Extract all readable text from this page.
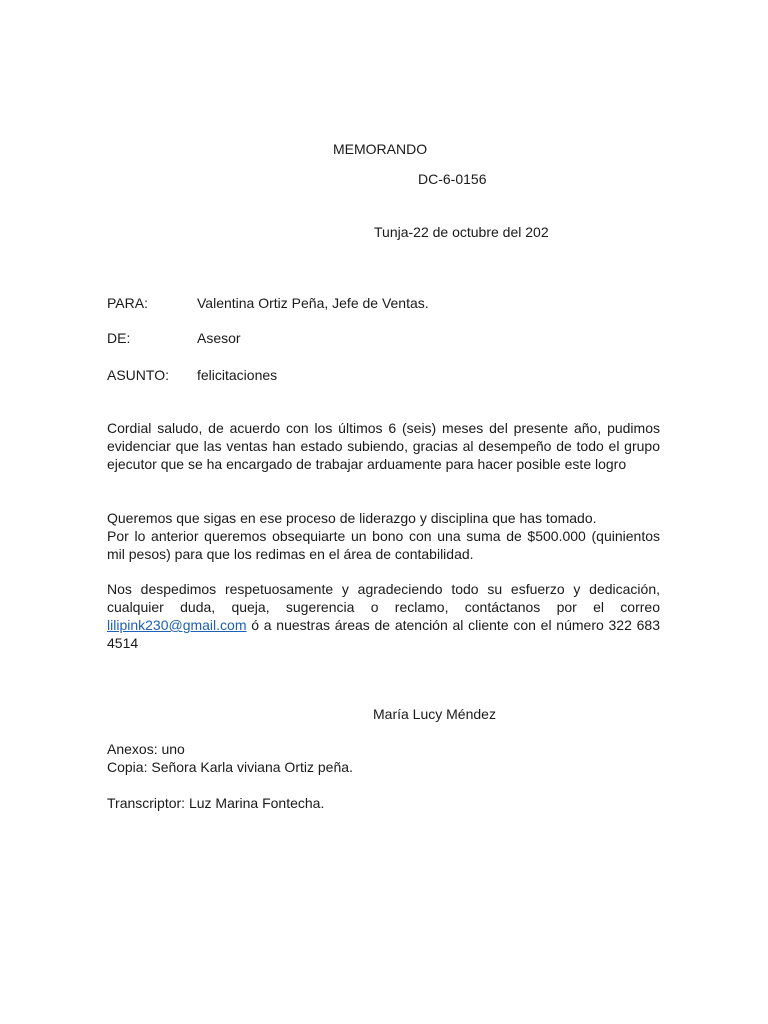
MEMORANDO
DC-6-0156
Tunja-22 de octubre del 202
PARA:	Valentina Ortiz Peña, Jefe de Ventas.
DE:	Asesor
ASUNTO: felicitaciones
Cordial saludo, de acuerdo con los últimos 6 (seis) meses del presente año, pudimos evidenciar que las ventas han estado subiendo, gracias al desempeño de todo el grupo ejecutor que se ha encargado de trabajar arduamente para hacer posible este logro
Queremos que sigas en ese proceso de liderazgo y disciplina que has tomado.
Por lo anterior queremos obsequiarte un bono con una suma de $500.000 (quinientos mil pesos) para que los redimas en el área de contabilidad.
Nos despedimos respetuosamente y agradeciendo todo su esfuerzo y dedicación, cualquier duda, queja, sugerencia o reclamo, contáctanos por el correo lilipink230@gmail.com ó a nuestras áreas de atención al cliente con el número 322 683 4514
María Lucy Méndez
Anexos: uno
Copia: Señora Karla viviana Ortiz peña.
Transcriptor: Luz Marina Fontecha.
